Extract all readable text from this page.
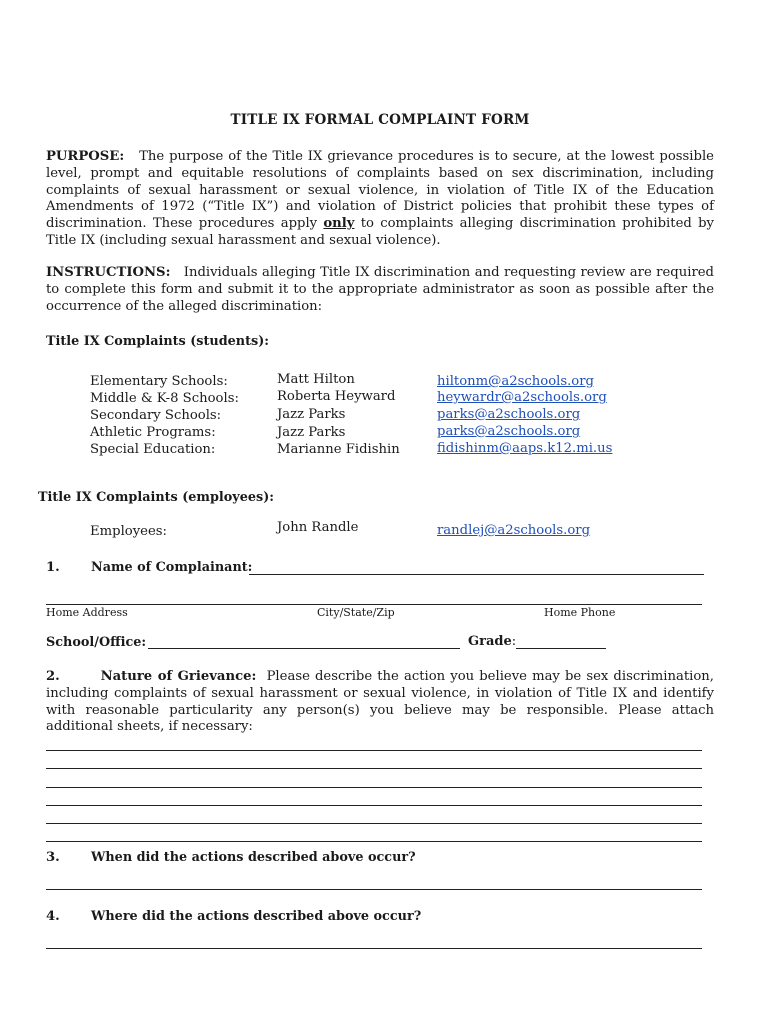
TITLE IX FORMAL COMPLAINT FORM
PURPOSE: The purpose of the Title IX grievance procedures is to secure, at the lowest possible level, prompt and equitable resolutions of complaints based on sex discrimination, including complaints of sexual harassment or sexual violence, in violation of Title IX of the Education Amendments of 1972 (“Title IX”) and violation of District policies that prohibit these types of discrimination. These procedures apply only to complaints alleging discrimination prohibited by Title IX (including sexual harassment and sexual violence).
INSTRUCTIONS: Individuals alleging Title IX discrimination and requesting review are required to complete this form and submit it to the appropriate administrator as soon as possible after the occurrence of the alleged discrimination:
Title IX Complaints (students):
Elementary Schools:	Matt Hilton	hiltonm@a2schools.org
Middle & K-8 Schools:	Roberta Heyward	heywardr@a2schools.org
Secondary Schools:	Jazz Parks	parks@a2schools.org
Athletic Programs:	Jazz Parks	parks@a2schools.org
Special Education:	Marianne Fidishin	fidishinm@aaps.k12.mi.us
Title IX Complaints (employees):
Employees:	John Randle	randlej@a2schools.org
1. Name of Complainant:
Home Address	City/State/Zip	Home Phone
School/Office:	Grade:
2.	Nature of Grievance: Please describe the action you believe may be sex discrimination, including complaints of sexual harassment or sexual violence, in violation of Title IX and identify with reasonable particularity any person(s) you believe may be responsible. Please attach additional sheets, if necessary:
3. When did the actions described above occur?
4. Where did the actions described above occur?
